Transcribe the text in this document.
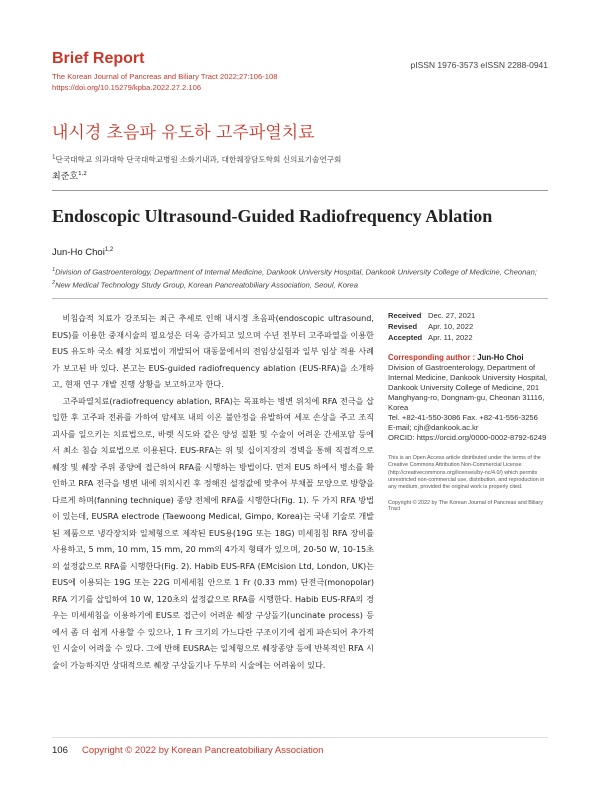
Brief Report	pISSN 1976-3573 eISSN 2288-0941
The Korean Journal of Pancreas and Biliary Tract 2022;27:106-108
https://doi.org/10.15279/kpba.2022.27.2.106
내시경 초음파 유도하 고주파열치료
$^1$단국대학교 의과대학 단국대학교병원 소화기내과, 대한췌장담도학회 신의료기술연구회
최준호$^{1,2}$
Endoscopic Ultrasound-Guided Radiofrequency Ablation
Jun-Ho Choi$^{1,2}$
$^1$Division of Gastroenterology, Department of Internal Medicine, Dankook University Hospital, Dankook University College of Medicine, Cheonan;
$^2$New Medical Technology Study Group, Korean Pancreatobiliary Association, Seoul, Korea

비침습적 치료가 강조되는 최근 추세로 인해 내시경 초음파(endoscopic ultrasound, EUS)를 이용한 중재시술의 필요성은 더욱 증가되고 있으며 수년 전부터 고주파열을 이용한 EUS 유도하 국소 췌장 치료법이 개발되어 대동물에서의 전임상실험과 일부 임상 적용 사례가 보고된 바 있다. 본고는 EUS-guided radiofrequency ablation (EUS-RFA)을 소개하고, 현재 연구 개발 진행 상황을 보고하고자 한다.

고주파열치료(radiofrequency ablation, RFA)는 목표하는 병변 위치에 RFA 전극을 삽입한 후 고주파 전류를 가하여 암세포 내의 이온 불안정을 유발하여 세포 손상을 주고 조직 괴사를 일으키는 치료법으로, 바렛 식도와 같은 양성 질환 및 수술이 어려운 간세포암 등에서 최소 침습 치료법으로 이용된다. EUS-RFA는 위 및 십이지장의 경벽을 통해 직접적으로 췌장 및 췌장 주위 종양에 접근하여 RFA를 시행하는 방법이다. 먼저 EUS 하에서 병소를 확인하고 RFA 전극을 병변 내에 위치시킨 후 정해진 설정값에 맞추어 부채꼴 모양으로 방향을 다르게 하며(fanning technique) 종양 전체에 RFA를 시행한다(Fig. 1). 두 가지 RFA 방법이 있는데, EUSRA electrode (Taewoong Medical, Gimpo, Korea)는 국내 기술로 개발된 제품으로 냉각장치와 일체형으로 제작된 EUS용(19G 또는 18G) 미세침침 RFA 장비를 사용하고, 5 mm, 10 mm, 15 mm, 20 mm의 4가지 형태가 있으며, 20-50 W, 10-15초의 설정값으로 RFA를 시행한다(Fig. 2). Habib EUS-RFA (EMcision Ltd, London, UK)는 EUS에 이용되는 19G 또는 22G 미세세침 안으로 1 Fr (0.33 mm) 단전극(monopolar) RFA 기기를 삽입하여 10 W, 120초의 설정값으로 RFA를 시행한다. Habib EUS-RFA의 경우는 미세세침을 이용하기에 EUS로 접근이 어려운 췌장 구상돌기(uncinate process) 등에서 좀 더 쉽게 사용할 수 있으나, 1 Fr 크기의 가느다란 구조이기에 쉽게 파손되어 추가적인 시술이 어려울 수 있다. 그에 반해 EUSRA는 일체형으로 췌장종양 등에 반복적인 RFA 시술이 가능하지만 상대적으로 췌장 구상돌기나 두부의 시술에는 어려움이 있다.

Received Dec. 27, 2021
Revised	Apr. 10, 2022
Accepted Apr. 11, 2022
Corresponding author : Jun-Ho Choi
Division of Gastroenterology, Department of Internal Medicine, Dankook University Hospital, Dankook University College of Medicine, 201 Manghyang-ro, Dongnam-gu, Cheonan 31116, Korea
Tel. +82-41-550-3086 Fax. +82-41-556-3256
E-mail; cjh@dankook.ac.kr
ORCID: https://orcid.org/0000-0002-8792-6249
This is an Open Access article distributed under the terms of the Creative Commons Attribution Non-Commercial License (http://creativecommons.org/licenses/by-nc/4.0/) which permits unrestricted non-commercial use, distribution, and reproduction in any medium, provided the original work is properly cited.
Copyright © 2022 by The Korean Journal of Pancreas and Biliary Tract
106 Copyright © 2022 by Korean Pancreatobiliary Association
